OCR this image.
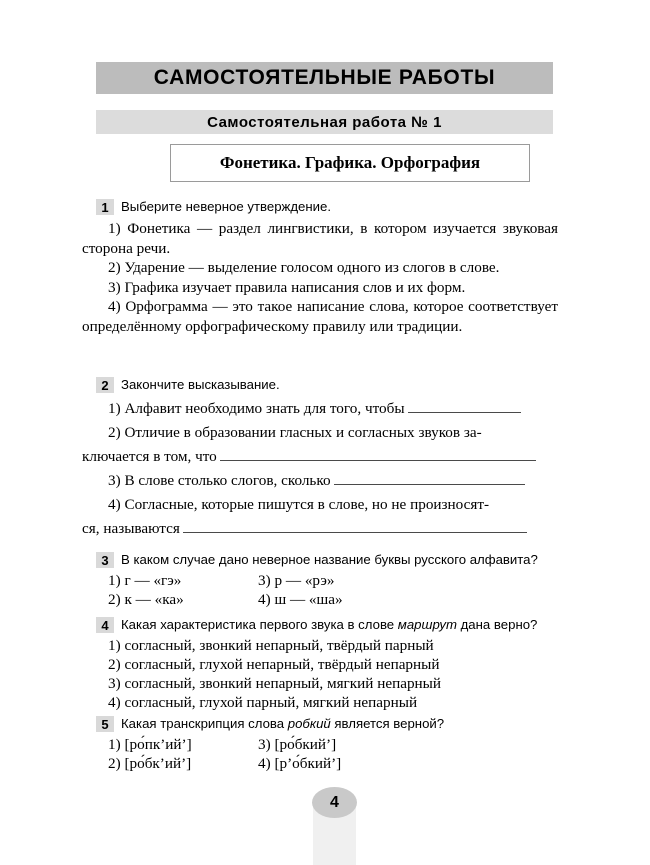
САМОСТОЯТЕЛЬНЫЕ РАБОТЫ
Самостоятельная работа № 1
Фонетика. Графика. Орфография
1 Выберите неверное утверждение.

1) Фонетика — раздел лингвистики, в котором изучается звуковая сторона речи.

2) Ударение — выделение голосом одного из слогов в слове.

3) Графика изучает правила написания слов и их форм.

4) Орфограмма — это такое написание слова, которое соответствует определённому орфографическому правилу или традиции.

2 Закончите высказывание.

1) Алфавит необходимо знать для того, чтобы

2) Отличие в образовании гласных и согласных звуков за-

ключается в том, что

3) В слове столько слогов, сколько

4) Согласные, которые пишутся в слове, но не произносят-

ся, называются

3 В каком случае дано неверное название буквы русского алфавита?
1) г — «гэ»	3) р — «рэ»
2) к — «ка»	4) ш — «ша»
4 Какая характеристика первого звука в слове маршрут дана верно?
1) согласный, звонкий непарный, твёрдый парный
2) согласный, глухой непарный, твёрдый непарный
3) согласный, звонкий непарный, мягкий непарный
4) согласный, глухой парный, мягкий непарный
5 Какая транскрипция слова робкий является верной?
1) [ро́пк’ий’]	3) [ро́бкий’]
2) [ро́бк’ий’]	4) [р’о́бкий’]
4
